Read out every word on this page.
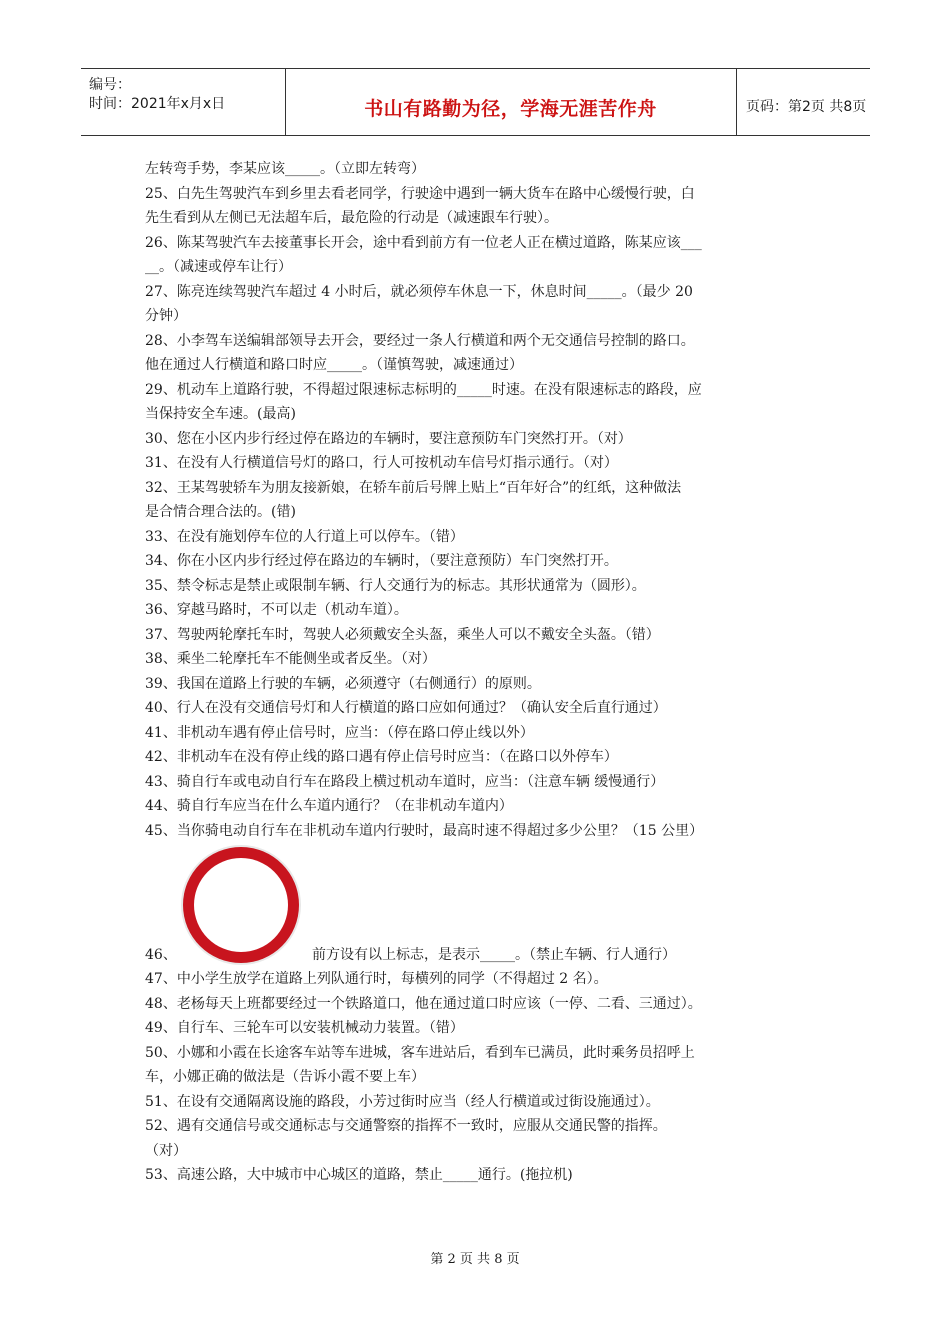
编号：
时间：2021年x月x日	书山有路勤为径，学海无涯苦作舟	页码：第2页 共8页

左转弯手势，李某应该_____。（立即左转弯）

25、白先生驾驶汽车到乡里去看老同学，行驶途中遇到一辆大货车在路中心缓慢行驶，白

先生看到从左侧已无法超车后，最危险的行动是（减速跟车行驶）。

26、陈某驾驶汽车去接董事长开会，途中看到前方有一位老人正在横过道路，陈某应该___

__。（减速或停车让行）

27、陈亮连续驾驶汽车超过 4 小时后，就必须停车休息一下，休息时间_____。（最少 20

分钟）

28、小李驾车送编辑部领导去开会，要经过一条人行横道和两个无交通信号控制的路口。

他在通过人行横道和路口时应_____。（谨慎驾驶，减速通过）

29、机动车上道路行驶，不得超过限速标志标明的_____时速。在没有限速标志的路段，应

当保持安全车速。(最高)

30、您在小区内步行经过停在路边的车辆时，要注意预防车门突然打开。（对）

31、在没有人行横道信号灯的路口，行人可按机动车信号灯指示通行。（对）

32、王某驾驶轿车为朋友接新娘，在轿车前后号牌上贴上“百年好合”的红纸，这种做法

是合情合理合法的。(错)

33、在没有施划停车位的人行道上可以停车。（错）

34、你在小区内步行经过停在路边的车辆时，（要注意预防）车门突然打开。

35、禁令标志是禁止或限制车辆、行人交通行为的标志。其形状通常为（圆形）。

36、穿越马路时，不可以走（机动车道）。

37、驾驶两轮摩托车时，驾驶人必须戴安全头盔，乘坐人可以不戴安全头盔。（错）

38、乘坐二轮摩托车不能侧坐或者反坐。（对）

39、我国在道路上行驶的车辆，必须遵守（右侧通行）的原则。

40、行人在没有交通信号灯和人行横道的路口应如何通过？（确认安全后直行通过）

41、非机动车遇有停止信号时，应当：（停在路口停止线以外）

42、非机动车在没有停止线的路口遇有停止信号时应当：（在路口以外停车）

43、骑自行车或电动自行车在路段上横过机动车道时，应当：（注意车辆 缓慢通行）

44、骑自行车应当在什么车道内通行？（在非机动车道内）

45、当你骑电动自行车在非机动车道内行驶时，最高时速不得超过多少公里？（15 公里）

46、	前方设有以上标志，是表示_____。（禁止车辆、行人通行）

47、中小学生放学在道路上列队通行时，每横列的同学（不得超过 2 名）。

48、老杨每天上班都要经过一个铁路道口，他在通过道口时应该（一停、二看、三通过）。

49、自行车、三轮车可以安装机械动力装置。（错）

50、小娜和小霞在长途客车站等车进城，客车进站后，看到车已满员，此时乘务员招呼上

车，小娜正确的做法是（告诉小霞不要上车）

51、在设有交通隔离设施的路段，小芳过街时应当（经人行横道或过街设施通过）。

52、遇有交通信号或交通标志与交通警察的指挥不一致时，应服从交通民警的指挥。

（对）

53、高速公路，大中城市中心城区的道路，禁止_____通行。(拖拉机)

第 2 页 共 8 页
